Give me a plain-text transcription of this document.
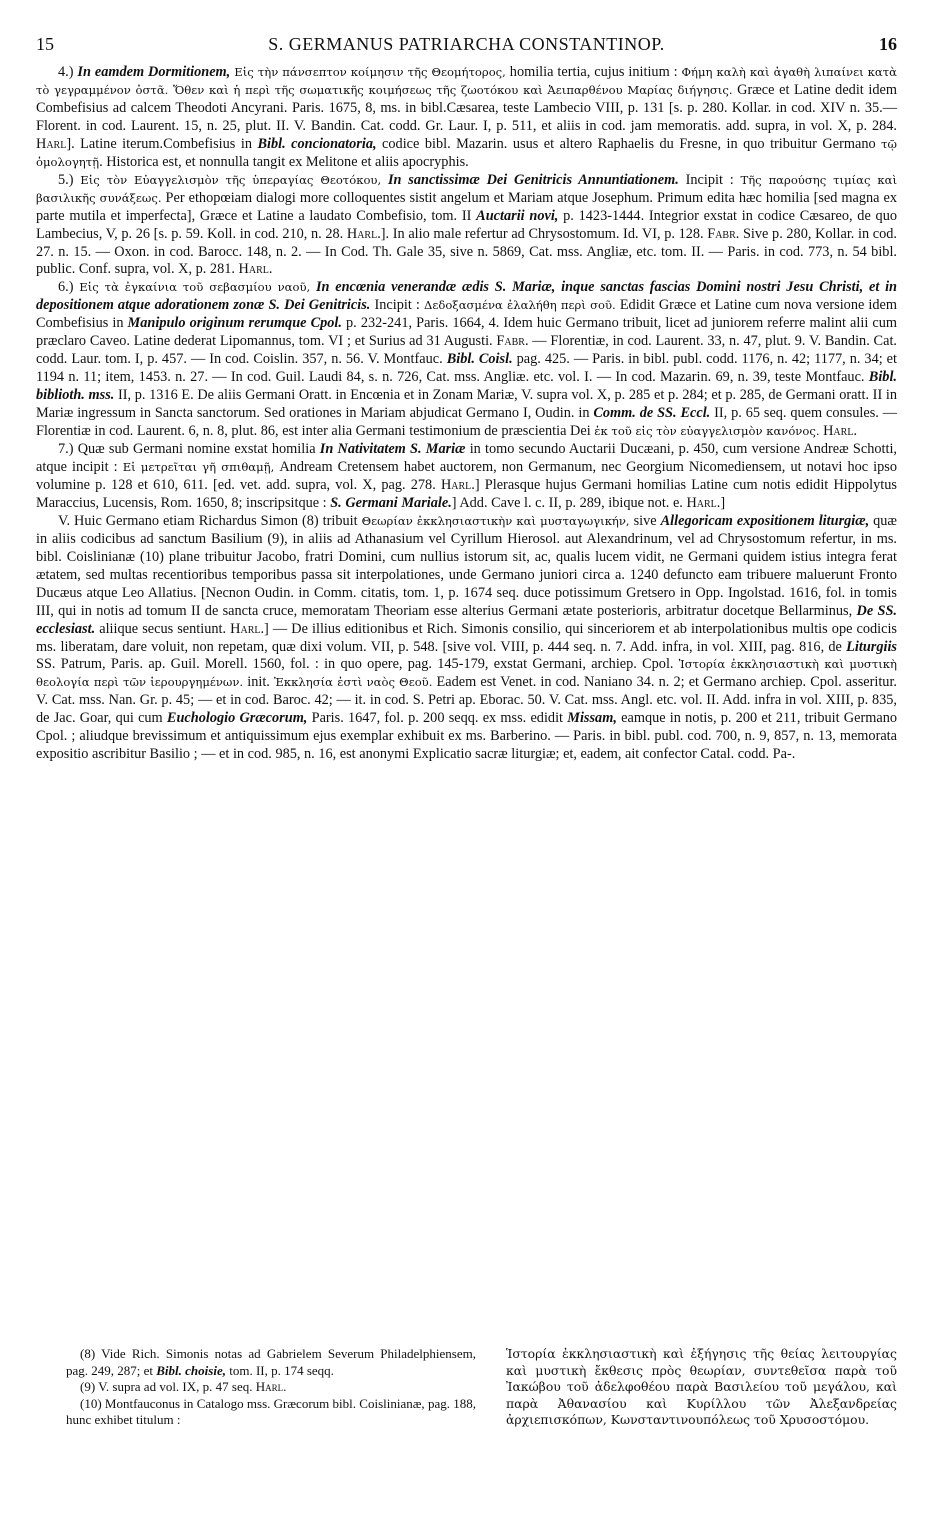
15	S. GERMANUS PATRIARCHA CONSTANTINOP.	16

4.) In eamdem Dormitionem, Εἰς τὴν πάνσεπτον κοίμησιν τῆς Θεομήτορος, homilia tertia, cujus initium : Φήμη καλὴ καὶ ἀγαθὴ λιπαίνει κατὰ τὸ γεγραμμένον ὀστᾶ. Ὅθεν καὶ ἡ περὶ τῆς σωματικῆς κοιμήσεως τῆς ζωοτόκου καὶ Ἀειπαρθένου Μαρίας διήγησις. Græce et Latine dedit idem Combefisius ad calcem Theodoti Ancyrani. Paris. 1675, 8, ms. in bibl.Cæsarea, teste Lambecio VIII, p. 131 [s. p. 280. Kollar. in cod. XIV n. 35.— Florent. in cod. Laurent. 15, n. 25, plut. II. V. Bandin. Cat. codd. Gr. Laur. I, p. 511, et aliis in cod. jam memoratis. add. supra, in vol. X, p. 284. Harl]. Latine iterum.Combefisius in Bibl. concionatoria, codice bibl. Mazarin. usus et altero Raphaelis du Fresne, in quo tribuitur Germano τῷ ὁμολογητῇ. Historica est, et nonnulla tangit ex Melitone et aliis apocryphis.

5.) Εἰς τὸν Εὐαγγελισμὸν τῆς ὑπεραγίας Θεοτόκου, In sanctissimæ Dei Genitricis Annuntiationem. Incipit : Τῆς παρούσης τιμίας καὶ βασιλικῆς συνάξεως. Per ethopœiam dialogi more colloquentes sistit angelum et Mariam atque Josephum. Primum edita hæc homilia [sed magna ex parte mutila et imperfecta], Græce et Latine a laudato Combefisio, tom. II Auctarii novi, p. 1423-1444. Integrior exstat in codice Cæsareo, de quo Lambecius, V, p. 26 [s. p. 59. Koll. in cod. 210, n. 28. Harl.]. In alio male refertur ad Chrysostomum. Id. VI, p. 128. Fabr. Sive p. 280, Kollar. in cod. 27. n. 15. — Oxon. in cod. Barocc. 148, n. 2. — In Cod. Th. Gale 35, sive n. 5869, Cat. mss. Angliæ, etc. tom. II. — Paris. in cod. 773, n. 54 bibl. public. Conf. supra, vol. X, p. 281. Harl.

6.) Εἰς τὰ ἐγκαίνια τοῦ σεβασμίου ναοῦ, In encœnia venerandæ ædis S. Mariæ, inque sanctas fascias Domini nostri Jesu Christi, et in depositionem atque adorationem zonæ S. Dei Genitricis. Incipit : Δεδοξασμένα ἐλαλήθη περὶ σοῦ. Edidit Græce et Latine cum nova versione idem Combefisius in Manipulo originum rerumque Cpol. p. 232-241, Paris. 1664, 4. Idem huic Germano tribuit, licet ad juniorem referre malint alii cum præclaro Caveo. Latine dederat Lipomannus, tom. VI ; et Surius ad 31 Augusti. Fabr. — Florentiæ, in cod. Laurent. 33, n. 47, plut. 9. V. Bandin. Cat. codd. Laur. tom. I, p. 457. — In cod. Coislin. 357, n. 56. V. Montfauc. Bibl. Coisl. pag. 425. — Paris. in bibl. publ. codd. 1176, n. 42; 1177, n. 34; et 1194 n. 11; item, 1453. n. 27. — In cod. Guil. Laudi 84, s. n. 726, Cat. mss. Angliæ. etc. vol. I. — In cod. Mazarin. 69, n. 39, teste Montfauc. Bibl. biblioth. mss. II, p. 1316 E. De aliis Germani Oratt. in Encœnia et in Zonam Mariæ, V. supra vol. X, p. 285 et p. 284; et p. 285, de Germani oratt. II in Mariæ ingressum in Sancta sanctorum. Sed orationes in Mariam abjudicat Germano I, Oudin. in Comm. de SS. Eccl. II, p. 65 seq. quem consules. — Florentiæ in cod. Laurent. 6, n. 8, plut. 86, est inter alia Germani testimonium de præscientia Dei ἐκ τοῦ εἰς τὸν εὐαγγελισμὸν κανόνος. Harl.

7.) Quæ sub Germani nomine exstat homilia In Nativitatem S. Mariæ in tomo secundo Auctarii Ducæani, p. 450, cum versione Andreæ Schotti, atque incipit : Εἰ μετρεῖται γῆ σπιθαμῇ, Andream Cretensem habet auctorem, non Germanum, nec Georgium Nicomediensem, ut notavi hoc ipso volumine p. 128 et 610, 611. [ed. vet. add. supra, vol. X, pag. 278. Harl.] Plerasque hujus Germani homilias Latine cum notis edidit Hippolytus Maraccius, Lucensis, Rom. 1650, 8; inscripsitque : S. Germani Mariale.] Add. Cave l. c. II, p. 289, ibique not. e. Harl.]

V. Huic Germano etiam Richardus Simon (8) tribuit Θεωρίαν ἐκκλησιαστικὴν καὶ μυσταγωγικήν, sive Allegoricam expositionem liturgiæ, quæ in aliis codicibus ad sanctum Basilium (9), in aliis ad Athanasium vel Cyrillum Hierosol. aut Alexandrinum, vel ad Chrysostomum refertur, in ms. bibl. Coislinianæ (10) plane tribuitur Jacobo, fratri Domini, cum nullius istorum sit, ac, qualis lucem vidit, ne Germani quidem istius integra ferat ætatem, sed multas recentioribus temporibus passa sit interpolationes, unde Germano juniori circa a. 1240 defuncto eam tribuere maluerunt Fronto Ducæus atque Leo Allatius. [Necnon Oudin. in Comm. citatis, tom. 1, p. 1674 seq. duce potissimum Gretsero in Opp. Ingolstad. 1616, fol. in tomis III, qui in notis ad tomum II de sancta cruce, memoratam Theoriam esse alterius Germani ætate posterioris, arbitratur docetque Bellarminus, De SS. ecclesiast. aliique secus sentiunt. Harl.] — De illius editionibus et Rich. Simonis consilio, qui sinceriorem et ab interpolationibus multis ope codicis ms. liberatam, dare voluit, non repetam, quæ dixi volum. VII, p. 548. [sive vol. VIII, p. 444 seq. n. 7. Add. infra, in vol. XIII, pag. 816, de Liturgiis SS. Patrum, Paris. ap. Guil. Morell. 1560, fol. : in quo opere, pag. 145-179, exstat Germani, archiep. Cpol. Ἱστορία ἐκκλησιαστικὴ καὶ μυστικὴ θεολογία περὶ τῶν ἱερουργημένων. init. Ἐκκλησία ἐστὶ ναὸς Θεοῦ. Eadem est Venet. in cod. Naniano 34. n. 2; et Germano archiep. Cpol. asseritur. V. Cat. mss. Nan. Gr. p. 45; — et in cod. Baroc. 42; — it. in cod. S. Petri ap. Eborac. 50. V. Cat. mss. Angl. etc. vol. II. Add. infra in vol. XIII, p. 835, de Jac. Goar, qui cum Euchologio Græcorum, Paris. 1647, fol. p. 200 seqq. ex mss. edidit Missam, eamque in notis, p. 200 et 211, tribuit Germano Cpol. ; aliudque brevissimum et antiquissimum ejus exemplar exhibuit ex ms. Barberino. — Paris. in bibl. publ. cod. 700, n. 9, 857, n. 13, memorata expositio ascribitur Basilio ; — et in cod. 985, n. 16, est anonymi Explicatio sacræ liturgiæ; et, eadem, ait confector Catal. codd. Pa-.

(8) Vide Rich. Simonis notas ad Gabrielem Severum Philadelphiensem, pag. 249, 287; et Bibl. choisie, tom. II, p. 174 seqq.

(9) V. supra ad vol. IX, p. 47 seq. Harl.

(10) Montfauconus in Catalogo mss. Græcorum bibl. Coislinianæ, pag. 188, hunc exhibet titulum :

Ἱστορία ἐκκλησιαστικὴ καὶ ἐξήγησις τῆς θείας λειτουργίας καὶ μυστικὴ ἔκθεσις πρὸς θεωρίαν, συντεθεῖσα παρὰ τοῦ Ἰακώβου τοῦ ἀδελφοθέου παρὰ Βασιλείου τοῦ μεγάλου, καὶ παρὰ Ἀθανασίου καὶ Κυρίλλου τῶν Ἀλεξανδρείας ἀρχιεπισκόπων, Κωνσταντινουπόλεως τοῦ Χρυσοστόμου.
